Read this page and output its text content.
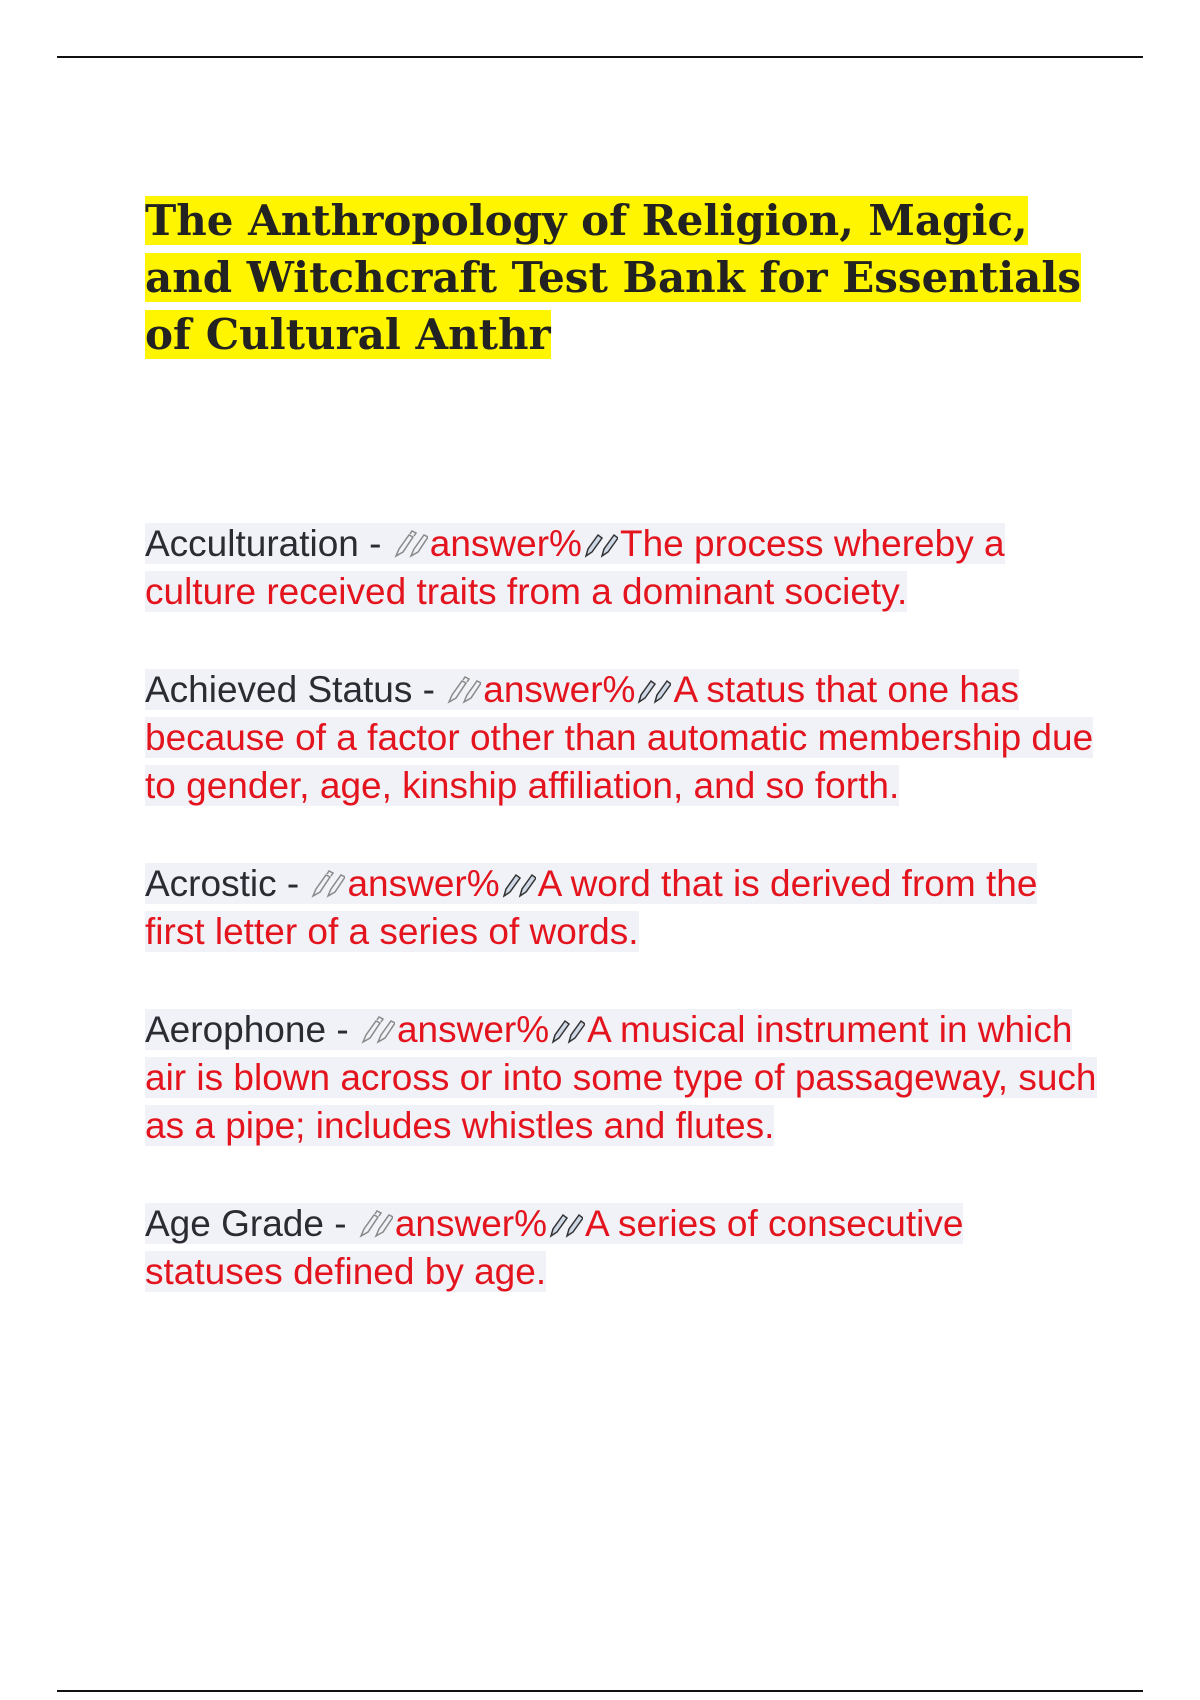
The Anthropology of Religion, Magic, and Witchcraft Test Bank for Essentials of Cultural Anthr

Acculturation - answer% The process whereby a culture received traits from a dominant society.

Achieved Status - answer% A status that one has because of a factor other than automatic membership due to gender, age, kinship affiliation, and so forth.

Acrostic - answer% A word that is derived from the first letter of a series of words.

Aerophone - answer% A musical instrument in which air is blown across or into some type of passageway, such as a pipe; includes whistles and flutes.

Age Grade - answer% A series of consecutive statuses defined by age.
